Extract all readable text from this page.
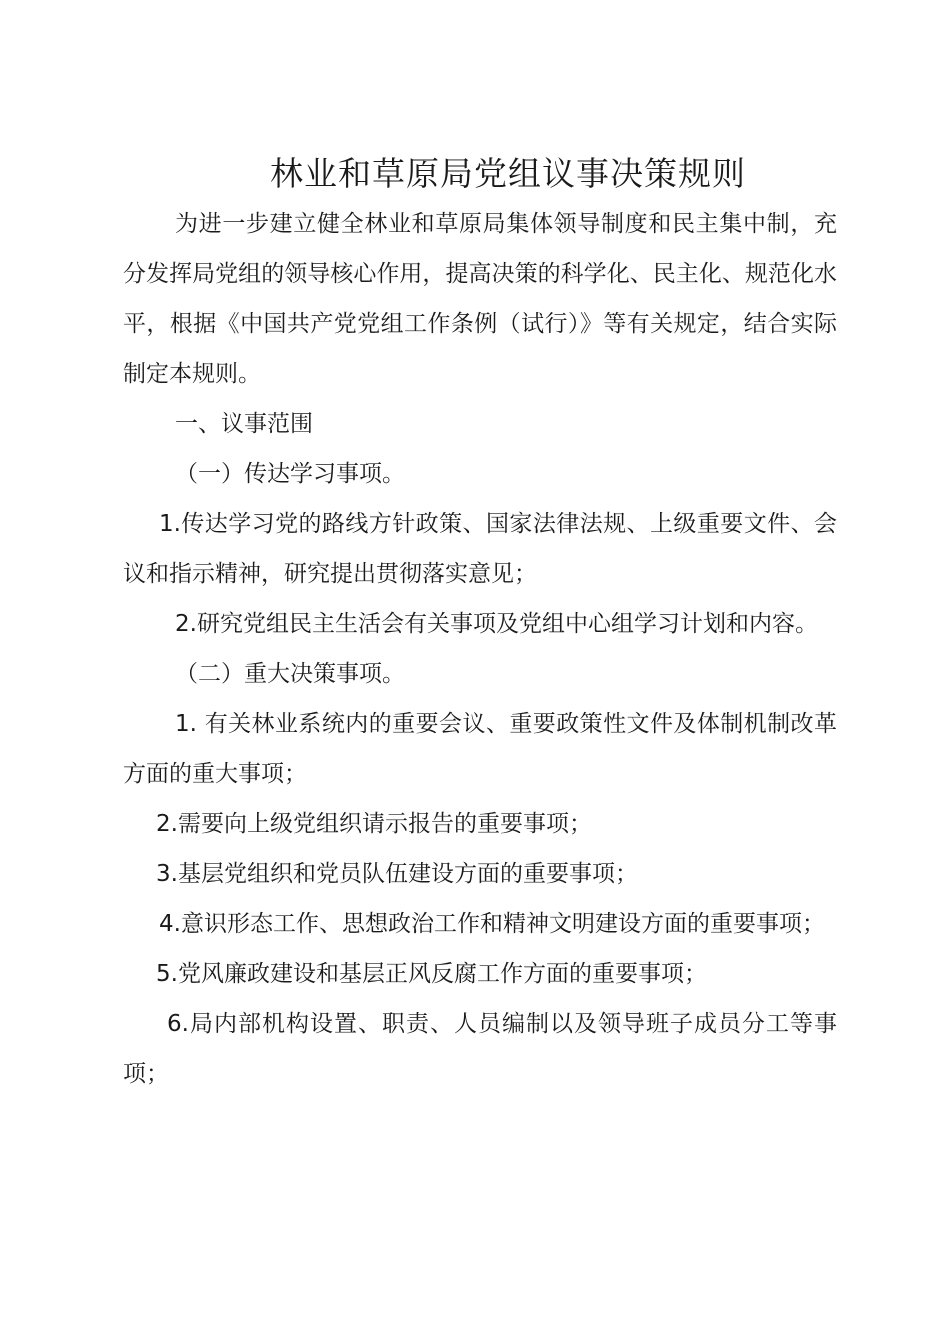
林业和草原局党组议事决策规则

为进一步建立健全林业和草原局集体领导制度和民主集中制，充分发挥局党组的领导核心作用，提高决策的科学化、民主化、规范化水平，根据《中国共产党党组工作条例（试行）》等有关规定，结合实际制定本规则。

一、议事范围

（一）传达学习事项。

1.传达学习党的路线方针政策、国家法律法规、上级重要文件、会议和指示精神，研究提出贯彻落实意见；

2.研究党组民主生活会有关事项及党组中心组学习计划和内容。

（二）重大决策事项。

1. 有关林业系统内的重要会议、重要政策性文件及体制机制改革方面的重大事项；

2.需要向上级党组织请示报告的重要事项；

3.基层党组织和党员队伍建设方面的重要事项；

4.意识形态工作、思想政治工作和精神文明建设方面的重要事项；

5.党风廉政建设和基层正风反腐工作方面的重要事项；

6.局内部机构设置、职责、人员编制以及领导班子成员分工等事项；
